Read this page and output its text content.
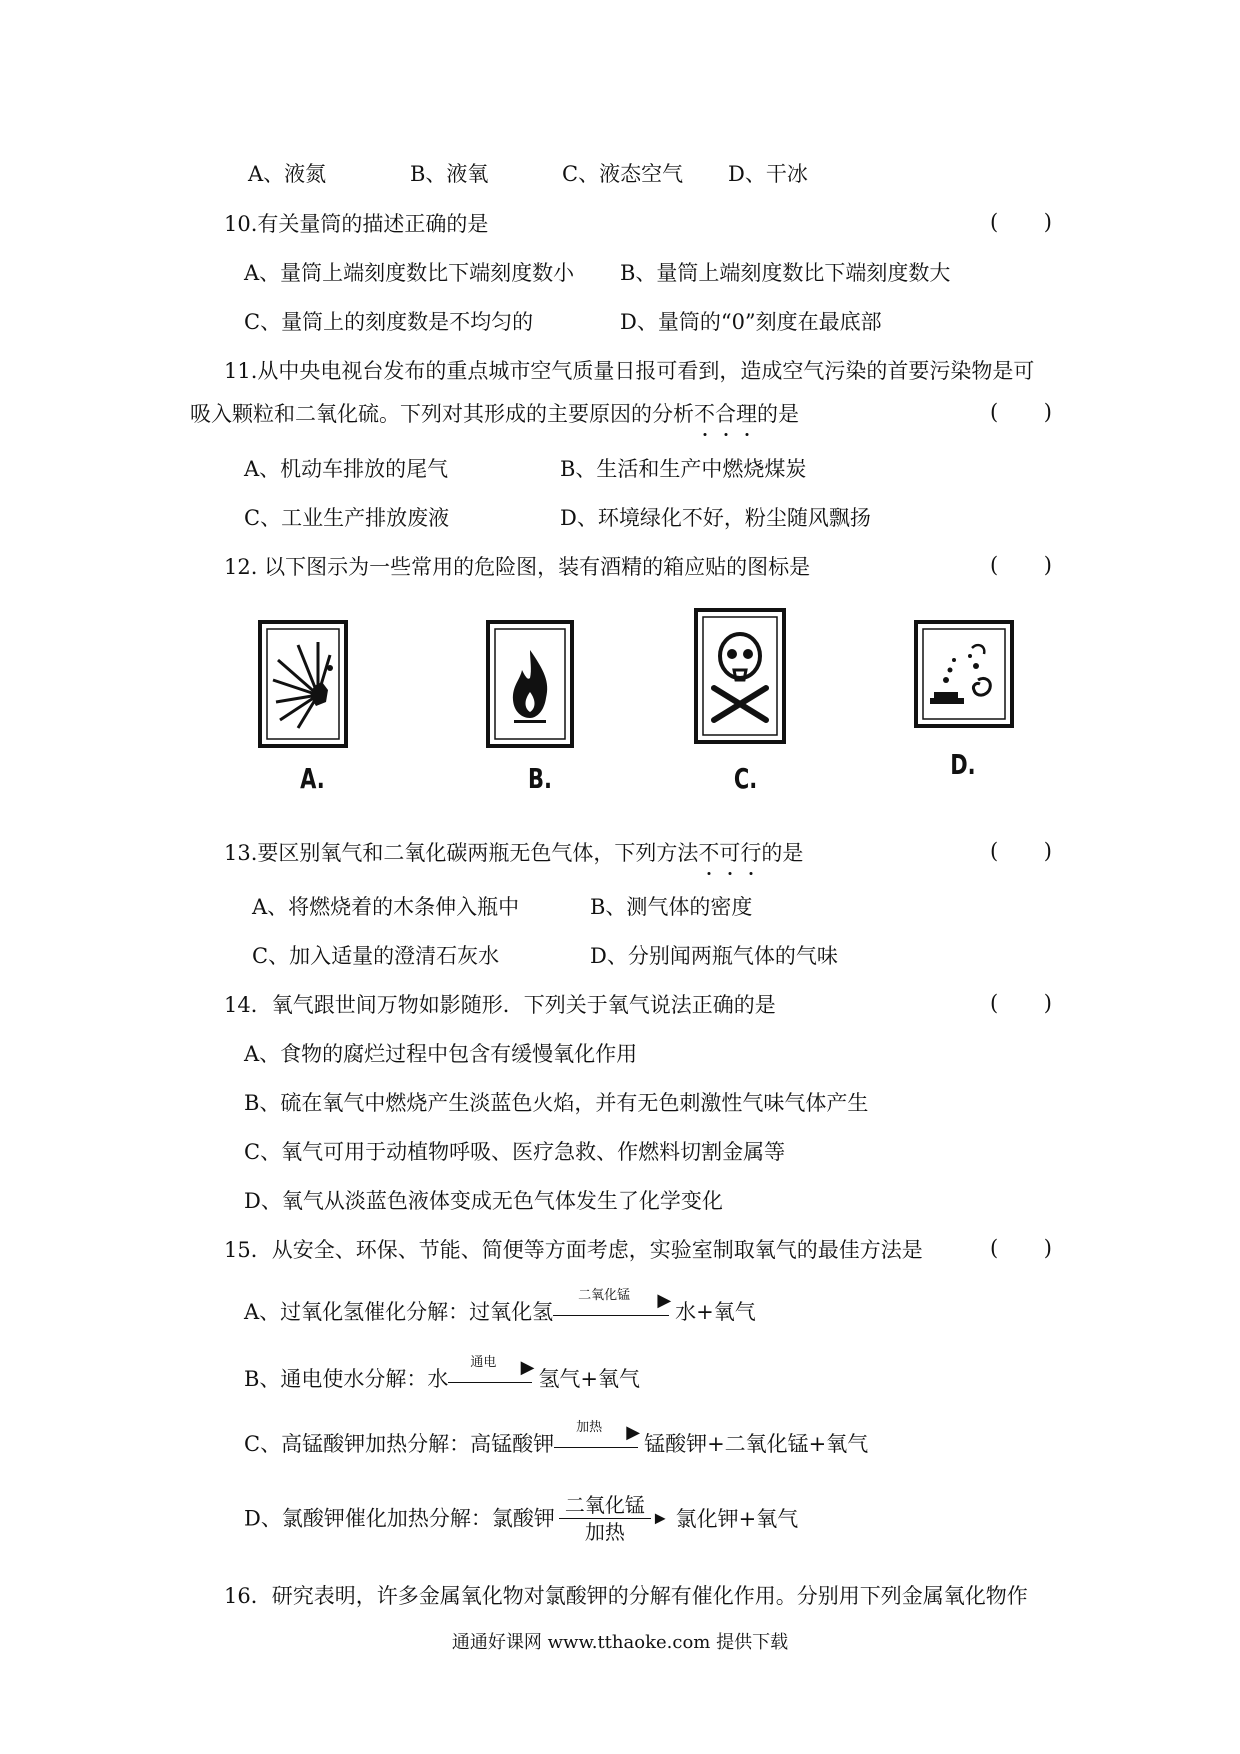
A、液氮	B、液氧	C、液态空气 D、干冰
10.有关量筒的描述正确的是	( )
A、量筒上端刻度数比下端刻度数小 B、量筒上端刻度数比下端刻度数大
C、量筒上的刻度数是不均匀的	D、量筒的“0”刻度在最底部
11.从中央电视台发布的重点城市空气质量日报可看到，造成空气污染的首要污染物是可
吸入颗粒和二氧化硫。下列对其形成的主要原因的分析不
合
理
的是	( )
A、机动车排放的尾气	B、生活和生产中燃烧煤炭
C、工业生产排放废液	D、环境绿化不好，粉尘随风飘扬
12. 以下图示为一些常用的危险图，装有酒精的箱应贴的图标是	( )
A.	B.	C.	D.
13.要区别氧气和二氧化碳两瓶无色气体，下列方法不
可
行
的是	( )
A、将燃烧着的木条伸入瓶中	B、测气体的密度
C、加入适量的澄清石灰水	D、分别闻两瓶气体的气味
14．氧气跟世间万物如影随形．下列关于氧气说法正确的是	( )
A、食物的腐烂过程中包含有缓慢氧化作用
B、硫在氧气中燃烧产生淡蓝色火焰，并有无色刺激性气味气体产生
C、氧气可用于动植物呼吸、医疗急救、作燃料切割金属等
D、氧气从淡蓝色液体变成无色气体发生了化学变化
15．从安全、环保、节能、简便等方面考虑，实验室制取氧气的最佳方法是	( )
A、过氧化氢催化分解：过氧化氢
二氧化锰	▶ 水+氧气
B、通电使水分解：水
通电	▶ 氢气+氧气
C、高锰酸钾加热分解：高锰酸钾
加热	▶ 锰酸钾+二氧化锰+氧气
D、氯酸钾催化加热分解：氯酸钾 $\frac{\text{二氧化锰}}{\text{加热}}$ ▶ 氯化钾+氧气
16．研究表明，许多金属氧化物对氯酸钾的分解有催化作用。分别用下列金属氧化物作
通通好课网 www.tthaoke.com 提供下载
